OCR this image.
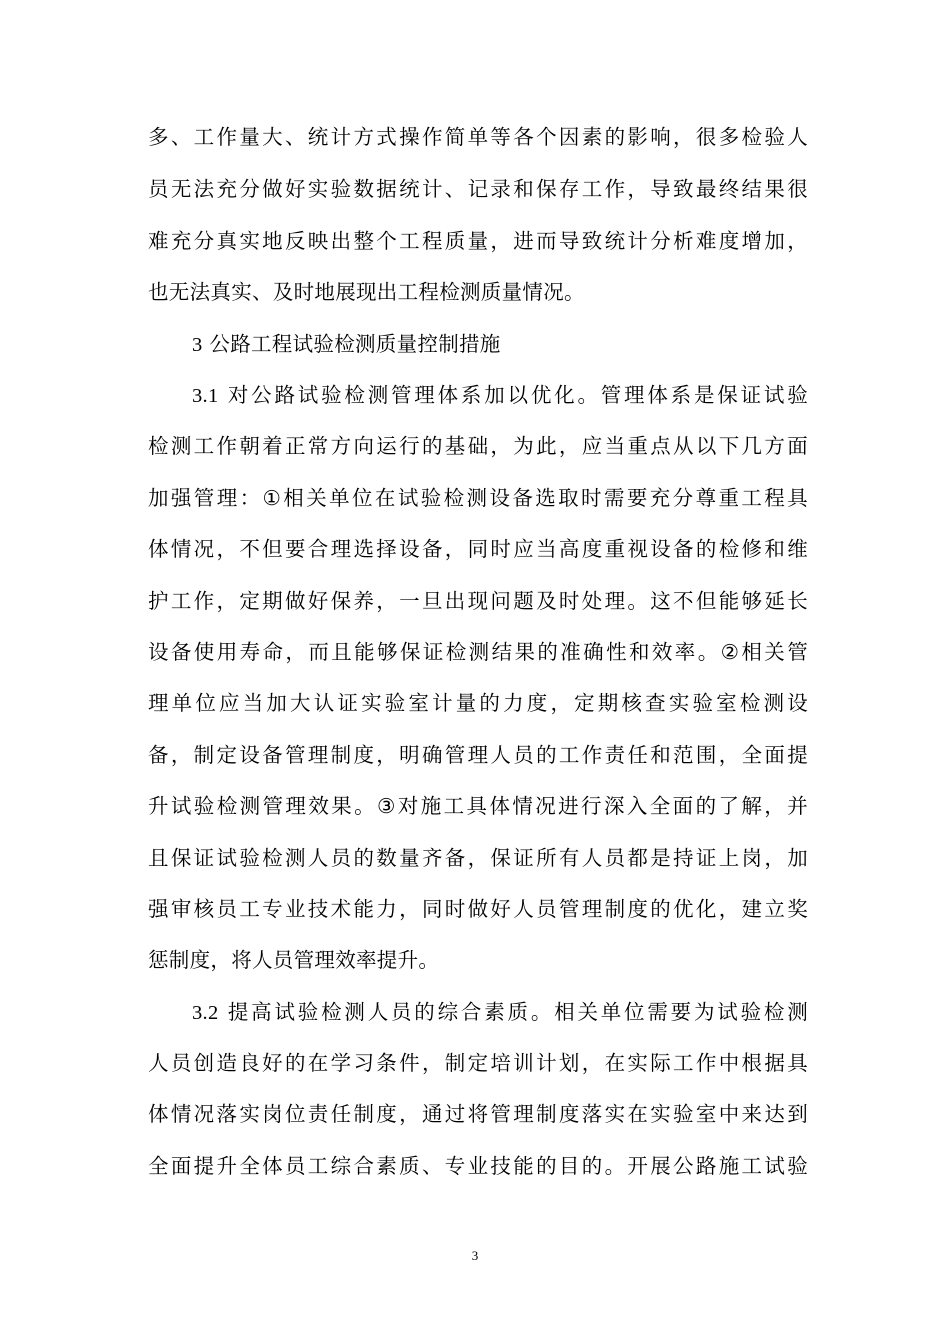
多、工作量大、统计方式操作简单等各个因素的影响，很多检验人
员无法充分做好实验数据统计、记录和保存工作，导致最终结果很
难充分真实地反映出整个工程质量，进而导致统计分析难度增加，
也无法真实、及时地展现出工程检测质量情况。
3 公路工程试验检测质量控制措施
3.1 对公路试验检测管理体系加以优化。管理体系是保证试验
检测工作朝着正常方向运行的基础，为此，应当重点从以下几方面
加强管理：①相关单位在试验检测设备选取时需要充分尊重工程具
体情况，不但要合理选择设备，同时应当高度重视设备的检修和维
护工作，定期做好保养，一旦出现问题及时处理。这不但能够延长
设备使用寿命，而且能够保证检测结果的准确性和效率。②相关管
理单位应当加大认证实验室计量的力度，定期核查实验室检测设
备，制定设备管理制度，明确管理人员的工作责任和范围，全面提
升试验检测管理效果。③对施工具体情况进行深入全面的了解，并
且保证试验检测人员的数量齐备，保证所有人员都是持证上岗，加
强审核员工专业技术能力，同时做好人员管理制度的优化，建立奖
惩制度，将人员管理效率提升。
3.2 提高试验检测人员的综合素质。相关单位需要为试验检测
人员创造良好的在学习条件，制定培训计划，在实际工作中根据具
体情况落实岗位责任制度，通过将管理制度落实在实验室中来达到
全面提升全体员工综合素质、专业技能的目的。开展公路施工试验
3
